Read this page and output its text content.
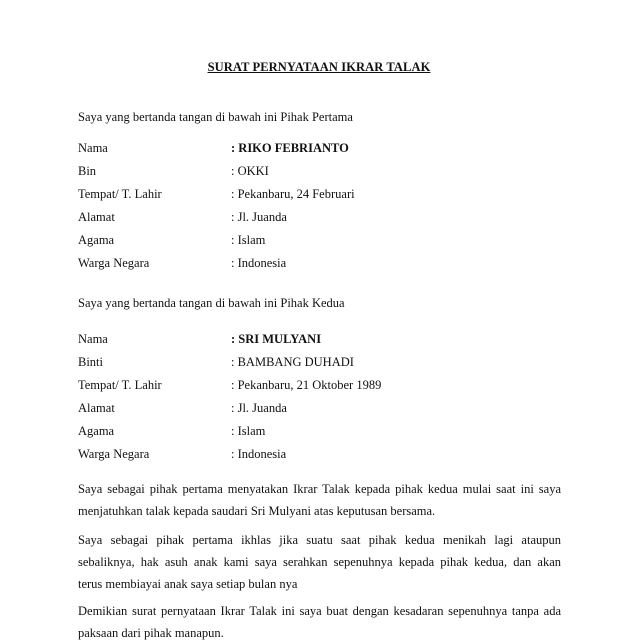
SURAT PERNYATAAN IKRAR TALAK
Saya yang bertanda tangan di bawah ini Pihak Pertama
Nama	: RIKO FEBRIANTO
Bin	: OKKI
Tempat/ T. Lahir	: Pekanbaru, 24 Februari
Alamat	: Jl. Juanda
Agama	: Islam
Warga Negara	: Indonesia
Saya yang bertanda tangan di bawah ini Pihak Kedua
Nama	: SRI MULYANI
Binti	: BAMBANG DUHADI
Tempat/ T. Lahir	: Pekanbaru, 21 Oktober 1989
Alamat	: Jl. Juanda
Agama	: Islam
Warga Negara	: Indonesia
Saya sebagai pihak pertama menyatakan Ikrar Talak kepada pihak kedua mulai saat ini saya
menjatuhkan talak kepada saudari Sri Mulyani atas keputusan bersama.
Saya sebagai pihak pertama ikhlas jika suatu saat pihak kedua menikah lagi ataupun
sebaliknya, hak asuh anak kami saya serahkan sepenuhnya kepada pihak kedua, dan akan
terus membiayai anak saya setiap bulan nya
Demikian surat pernyataan Ikrar Talak ini saya buat dengan kesadaran sepenuhnya tanpa ada
paksaan dari pihak manapun.
